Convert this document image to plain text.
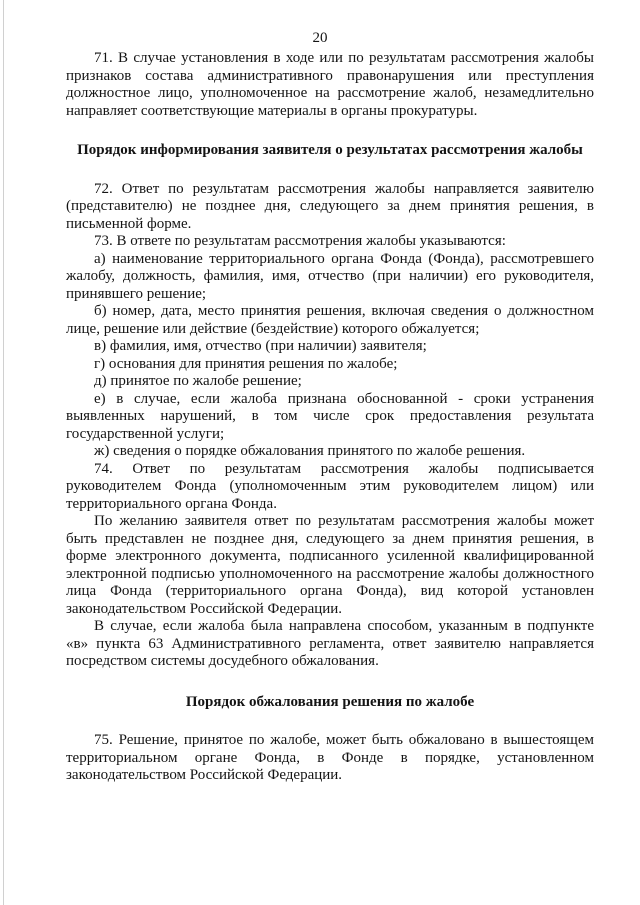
20

71. В случае установления в ходе или по результатам рассмотрения жалобы признаков состава административного правонарушения или преступления должностное лицо, уполномоченное на рассмотрение жалоб, незамедлительно направляет соответствующие материалы в органы прокуратуры.

Порядок информирования заявителя о результатах рассмотрения жалобы

72. Ответ по результатам рассмотрения жалобы направляется заявителю (представителю) не позднее дня, следующего за днем принятия решения, в письменной форме.

73. В ответе по результатам рассмотрения жалобы указываются:

а) наименование территориального органа Фонда (Фонда), рассмотревшего жалобу, должность, фамилия, имя, отчество (при наличии) его руководителя, принявшего решение;

б) номер, дата, место принятия решения, включая сведения о должностном лице, решение или действие (бездействие) которого обжалуется;

в) фамилия, имя, отчество (при наличии) заявителя;

г) основания для принятия решения по жалобе;

д) принятое по жалобе решение;

е) в случае, если жалоба признана обоснованной - сроки устранения выявленных нарушений, в том числе срок предоставления результата государственной услуги;

ж) сведения о порядке обжалования принятого по жалобе решения.

74. Ответ по результатам рассмотрения жалобы подписывается руководителем Фонда (уполномоченным этим руководителем лицом) или территориального органа Фонда.

По желанию заявителя ответ по результатам рассмотрения жалобы может быть представлен не позднее дня, следующего за днем принятия решения, в форме электронного документа, подписанного усиленной квалифицированной электронной подписью уполномоченного на рассмотрение жалобы должностного лица Фонда (территориального органа Фонда), вид которой установлен законодательством Российской Федерации.

В случае, если жалоба была направлена способом, указанным в подпункте «в» пункта 63 Административного регламента, ответ заявителю направляется посредством системы досудебного обжалования.

Порядок обжалования решения по жалобе

75. Решение, принятое по жалобе, может быть обжаловано в вышестоящем территориальном органе Фонда, в Фонде в порядке, установленном законодательством Российской Федерации.
